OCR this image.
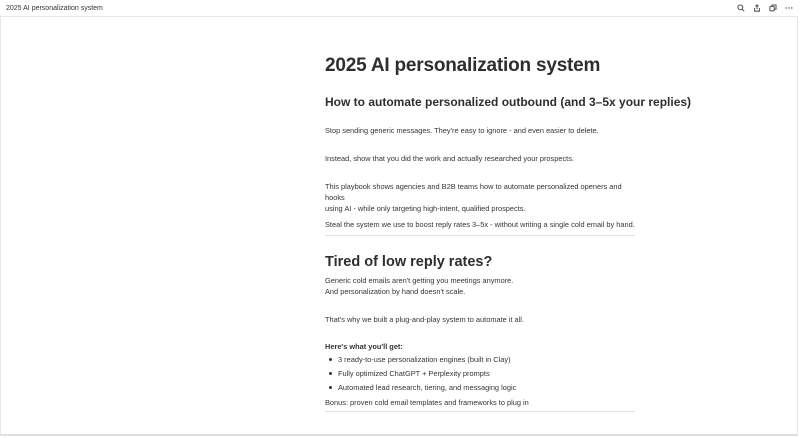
2025 AI personalization system
2025 AI personalization system
How to automate personalized outbound (and 3–5x your replies)

Stop sending generic messages. They're easy to ignore - and even easier to delete.

Instead, show that you did the work and actually researched your prospects.

This playbook shows agencies and B2B teams how to automate personalized openers and hooks
using AI - while only targeting high-intent, qualified prospects.

Steal the system we use to boost reply rates 3–5x - without writing a single cold email by hand.

Tired of low reply rates?

Generic cold emails aren't getting you meetings anymore.
And personalization by hand doesn't scale.

That's why we built a plug-and-play system to automate it all.

Here's what you'll get:

3 ready-to-use personalization engines (built in Clay)
Fully optimized ChatGPT + Perplexity prompts
Automated lead research, tiering, and messaging logic

Bonus: proven cold email templates and frameworks to plug in
